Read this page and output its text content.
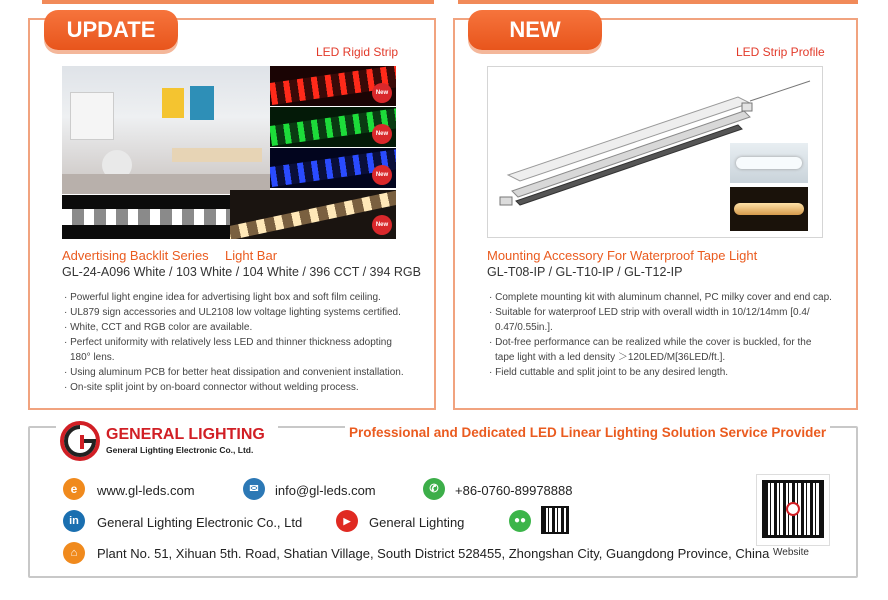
UPDATE
LED Rigid Strip
New
New
New
New
Advertising Backlit Series Light Bar
GL-24-A096 White / 103 White / 104 White / 396 CCT / 394 RGB
· Powerful light engine idea for advertising light box and soft film ceiling.
· UL879 sign accessories and UL2108 low voltage lighting systems certified.
· White, CCT and RGB color are available.
· Perfect uniformity with relatively less LED and thinner thickness adopting 180° lens.
· Using aluminum PCB for better heat dissipation and convenient installation.
· On-site split joint by on-board connector without welding process.
NEW
LED Strip Profile
Mounting Accessory For Waterproof Tape Light
GL-T08-IP / GL-T10-IP / GL-T12-IP
· Complete mounting kit with aluminum channel, PC milky cover and end cap.
· Suitable for waterproof LED strip with overall width in 10/12/14mm [0.4/ 0.47/0.55in.].
· Dot-free performance can be realized while the cover is buckled, for the tape light with a led density ＞120LED/M[36LED/ft.].
· Field cuttable and split joint to be any desired length.
GENERAL LIGHTING
General Lighting Electronic Co., Ltd.
Professional and Dedicated LED Linear Lighting Solution Service Provider
e	www.gl-leds.com	✉	info@gl-leds.com	✆	+86-0760-89978888
in	General Lighting Electronic Co., Ltd	▶	General Lighting	●●
⌂	Plant No. 51, Xihuan 5th. Road, Shatian Village, South District 528455, Zhongshan City, Guangdong Province, China Website
